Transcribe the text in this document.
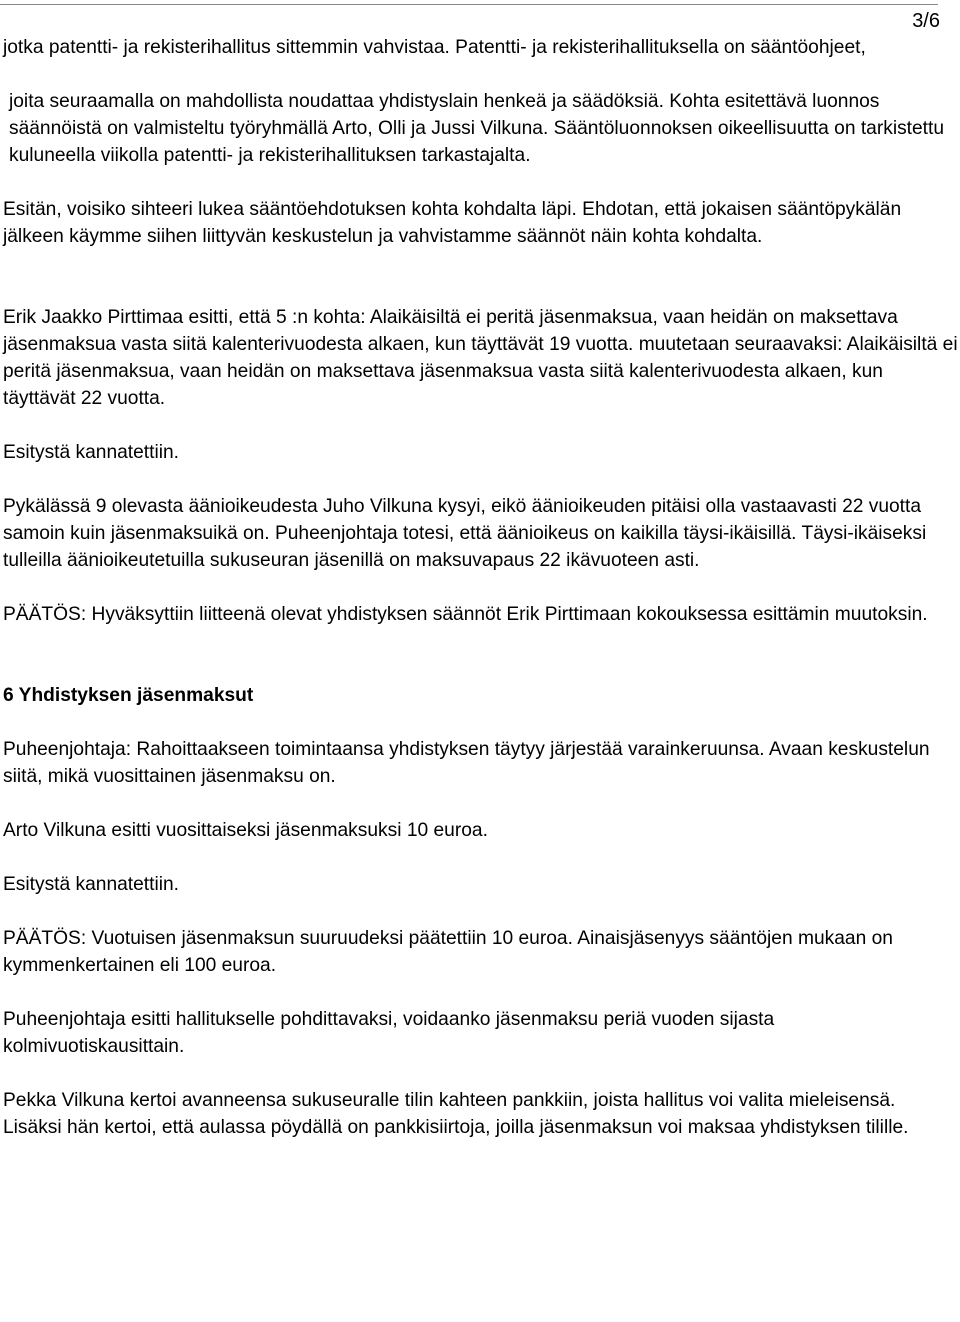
3/6

jotka patentti- ja rekisterihallitus sittemmin vahvistaa. Patentti- ja rekisterihallituksella on sääntöohjeet,

joita seuraamalla on mahdollista noudattaa yhdistyslain henkeä ja säädöksiä. Kohta esitettävä luonnos säännöistä on valmisteltu työryhmällä Arto, Olli ja Jussi Vilkuna. Sääntöluonnoksen oikeellisuutta on tarkistettu kuluneella viikolla patentti- ja rekisterihallituksen tarkastajalta.

Esitän, voisiko sihteeri lukea sääntöehdotuksen kohta kohdalta läpi. Ehdotan, että jokaisen sääntöpykälän jälkeen käymme siihen liittyvän keskustelun ja vahvistamme säännöt näin kohta kohdalta.

Erik Jaakko Pirttimaa esitti, että 5 :n kohta: Alaikäisiltä ei peritä jäsenmaksua, vaan heidän on maksettava jäsenmaksua vasta siitä kalenterivuodesta alkaen, kun täyttävät 19 vuotta. muutetaan seuraavaksi: Alaikäisiltä ei peritä jäsenmaksua, vaan heidän on maksettava jäsenmaksua vasta siitä kalenterivuodesta alkaen, kun täyttävät 22 vuotta.

Esitystä kannatettiin.

Pykälässä 9 olevasta äänioikeudesta Juho Vilkuna kysyi, eikö äänioikeuden pitäisi olla vastaavasti 22 vuotta samoin kuin jäsenmaksuikä on. Puheenjohtaja totesi, että äänioikeus on kaikilla täysi-ikäisillä. Täysi-ikäiseksi tulleilla äänioikeutetuilla sukuseuran jäsenillä on maksuvapaus 22 ikävuoteen asti.

PÄÄTÖS: Hyväksyttiin liitteenä olevat yhdistyksen säännöt Erik Pirttimaan kokouksessa esittämin muutoksin.

6 Yhdistyksen jäsenmaksut

Puheenjohtaja: Rahoittaakseen toimintaansa yhdistyksen täytyy järjestää varainkeruunsa. Avaan keskustelun siitä, mikä vuosittainen jäsenmaksu on.

Arto Vilkuna esitti vuosittaiseksi jäsenmaksuksi 10 euroa.

Esitystä kannatettiin.

PÄÄTÖS: Vuotuisen jäsenmaksun suuruudeksi päätettiin 10 euroa. Ainaisjäsenyys sääntöjen mukaan on kymmenkertainen eli 100 euroa.

Puheenjohtaja esitti hallitukselle pohdittavaksi, voidaanko jäsenmaksu periä vuoden sijasta kolmivuotiskausittain.

Pekka Vilkuna kertoi avanneensa sukuseuralle tilin kahteen pankkiin, joista hallitus voi valita mieleisensä. Lisäksi hän kertoi, että aulassa pöydällä on pankkisiirtoja, joilla jäsenmaksun voi maksaa yhdistyksen tilille.
